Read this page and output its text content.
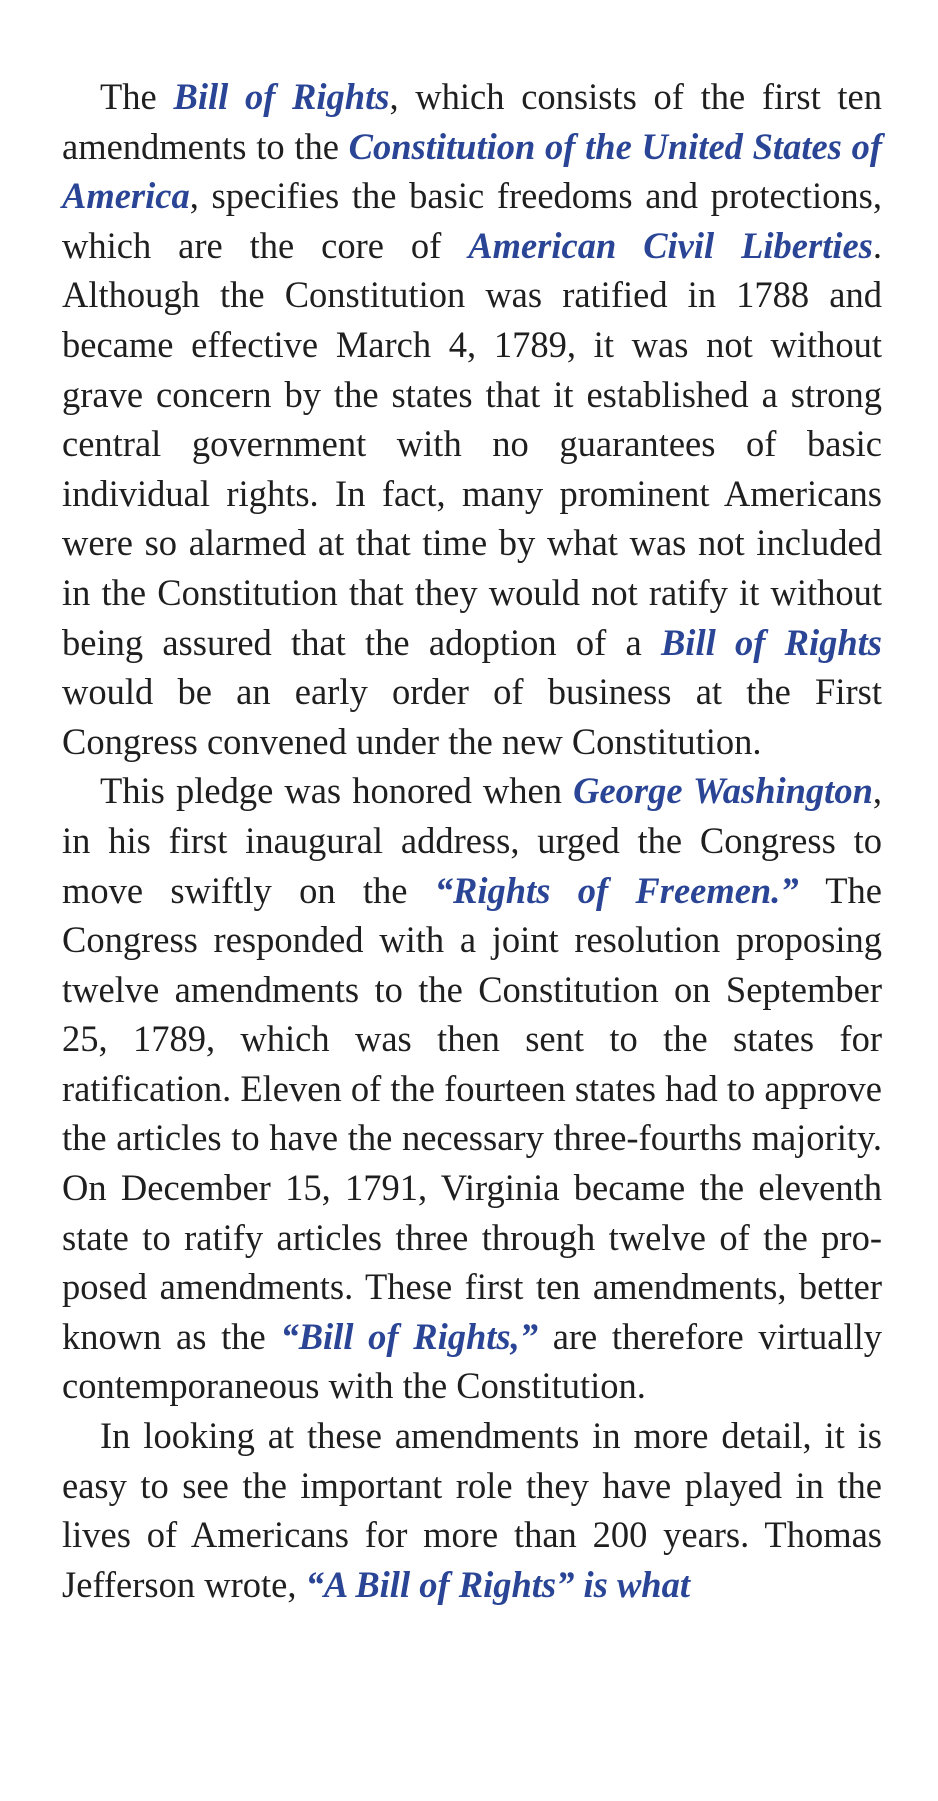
The Bill of Rights, which consists of the first ten amendments to the Constitution of the United States of America, specifies the basic freedoms and protections, which are the core of American Civil Liberties. Although the Constitution was ratified in 1788 and became effective March 4, 1789, it was not without grave concern by the states that it established a strong central government with no guarantees of basic individual rights. In fact, many prominent Americans were so alarmed at that time by what was not included in the Constitution that they would not ratify it without being assured that the adoption of a Bill of Rights would be an early order of business at the First Congress convened under the new Constitution.

This pledge was honored when George Washington, in his first inaugural address, urged the Congress to move swiftly on the “Rights of Freemen.” The Congress responded with a joint resolution proposing twelve amendments to the Constitution on September 25, 1789, which was then sent to the states for ratification. Eleven of the fourteen states had to approve the articles to have the necessary three-fourths majority. On December 15, 1791, Virginia became the eleventh state to ratify articles three through twelve of the proposed amendments. These first ten amendments, better known as the “Bill of Rights,” are therefore virtually contemporaneous with the Constitution.

In looking at these amendments in more detail, it is easy to see the important role they have played in the lives of Americans for more than 200 years. Thomas Jefferson wrote, “A Bill of Rights” is what
